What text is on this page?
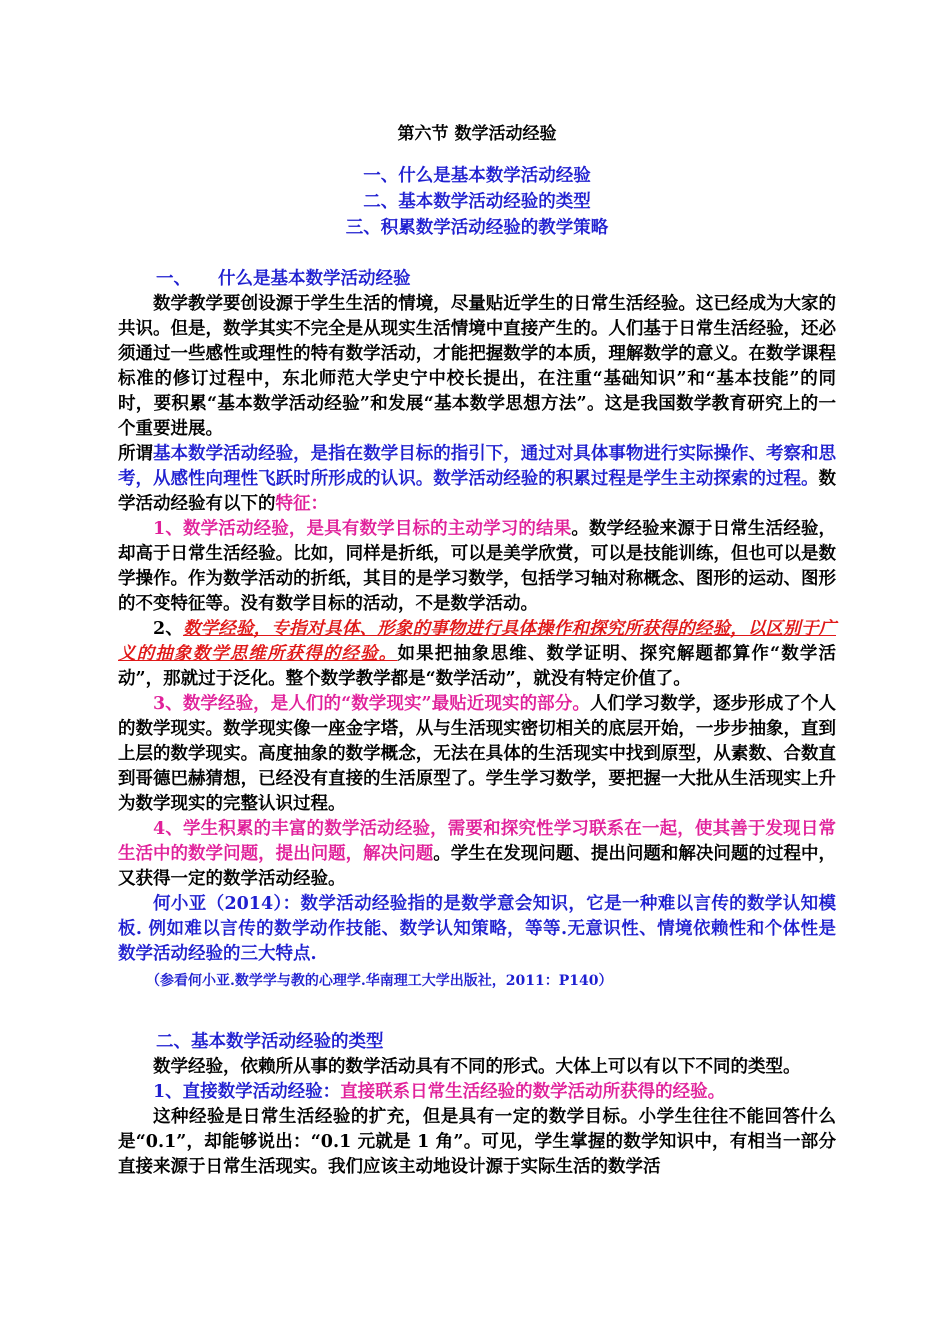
第六节 数学活动经验

一、什么是基本数学活动经验
二、基本数学活动经验的类型
三、积累数学活动经验的教学策略

一、 什么是基本数学活动经验

数学教学要创设源于学生生活的情境，尽量贴近学生的日常生活经验。这已经成为大家的共识。但是，数学其实不完全是从现实生活情境中直接产生的。人们基于日常生活经验，还必须通过一些感性或理性的特有数学活动，才能把握数学的本质，理解数学的意义。在数学课程标准的修订过程中，东北师范大学史宁中校长提出，在注重“基础知识”和“基本技能”的同时，要积累“基本数学活动经验”和发展“基本数学思想方法”。这是我国数学教育研究上的一个重要进展。

所谓基本数学活动经验，是指在数学目标的指引下，通过对具体事物进行实际操作、考察和思考，从感性向理性飞跃时所形成的认识。数学活动经验的积累过程是学生主动探索的过程。数学活动经验有以下的特征：

1、数学活动经验，是具有数学目标的主动学习的结果。数学经验来源于日常生活经验，却高于日常生活经验。比如，同样是折纸，可以是美学欣赏，可以是技能训练，但也可以是数学操作。作为数学活动的折纸，其目的是学习数学，包括学习轴对称概念、图形的运动、图形的不变特征等。没有数学目标的活动，不是数学活动。

2、数学经验，专指对具体、形象的事物进行具体操作和探究所获得的经验，以区别于广义的抽象数学思维所获得的经验。如果把抽象思维、数学证明、探究解题都算作“数学活动”，那就过于泛化。整个数学教学都是“数学活动”，就没有特定价值了。

3、数学经验，是人们的“数学现实”最贴近现实的部分。人们学习数学，逐步形成了个人的数学现实。数学现实像一座金字塔，从与生活现实密切相关的底层开始，一步步抽象，直到上层的数学现实。高度抽象的数学概念，无法在具体的生活现实中找到原型，从素数、合数直到哥德巴赫猜想，已经没有直接的生活原型了。学生学习数学，要把握一大批从生活现实上升为数学现实的完整认识过程。

4、学生积累的丰富的数学活动经验，需要和探究性学习联系在一起，使其善于发现日常生活中的数学问题，提出问题，解决问题。学生在发现问题、提出问题和解决问题的过程中，又获得一定的数学活动经验。

何小亚（2014）：数学活动经验指的是数学意会知识，它是一种难以言传的数学认知模板. 例如难以言传的数学动作技能、数学认知策略，等等.无意识性、情境依赖性和个体性是数学活动经验的三大特点.

（参看何小亚.数学学与教的心理学.华南理工大学出版社，2011：P140）

二、基本数学活动经验的类型

数学经验，依赖所从事的数学活动具有不同的形式。大体上可以有以下不同的类型。

1、直接数学活动经验：直接联系日常生活经验的数学活动所获得的经验。

这种经验是日常生活经验的扩充，但是具有一定的数学目标。小学生往往不能回答什么是“0.1”，却能够说出：“0.1 元就是 1 角”。可见，学生掌握的数学知识中，有相当一部分直接来源于日常生活现实。我们应该主动地设计源于实际生活的数学活
